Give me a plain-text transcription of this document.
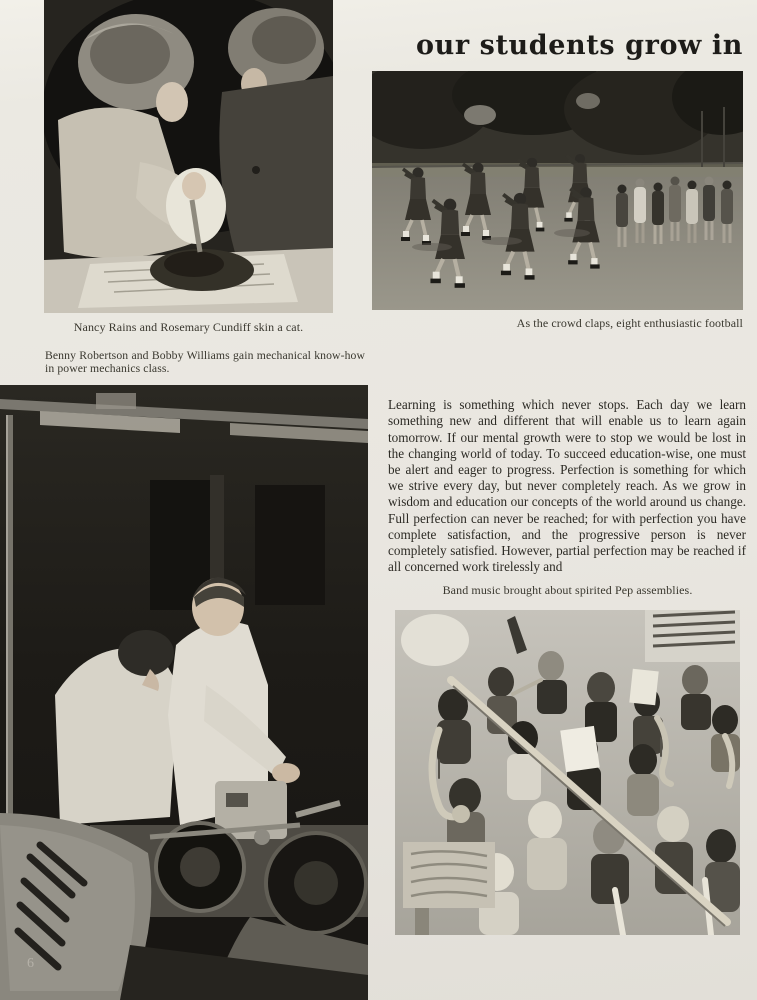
our students grow in
Nancy Rains and Rosemary Cundiff skin a cat.	As the crowd claps, eight enthusiastic football
Benny Robertson and Bobby Williams gain mechanical know-how in power mechanics class.
6

Learning is something which never stops. Each day we learn something new and different that will enable us to learn again tomorrow. If our mental growth were to stop we would be lost in the changing world of today. To succeed education-wise, one must be alert and eager to progress. Perfection is something for which we strive every day, but never completely reach. As we grow in wisdom and education our concepts of the world around us change. Full perfection can never be reached; for with perfection you have complete satisfaction, and the progressive person is never completely satisfied. However, partial perfection may be reached if all concerned work tirelessly and

Band music brought about spirited Pep assemblies.
